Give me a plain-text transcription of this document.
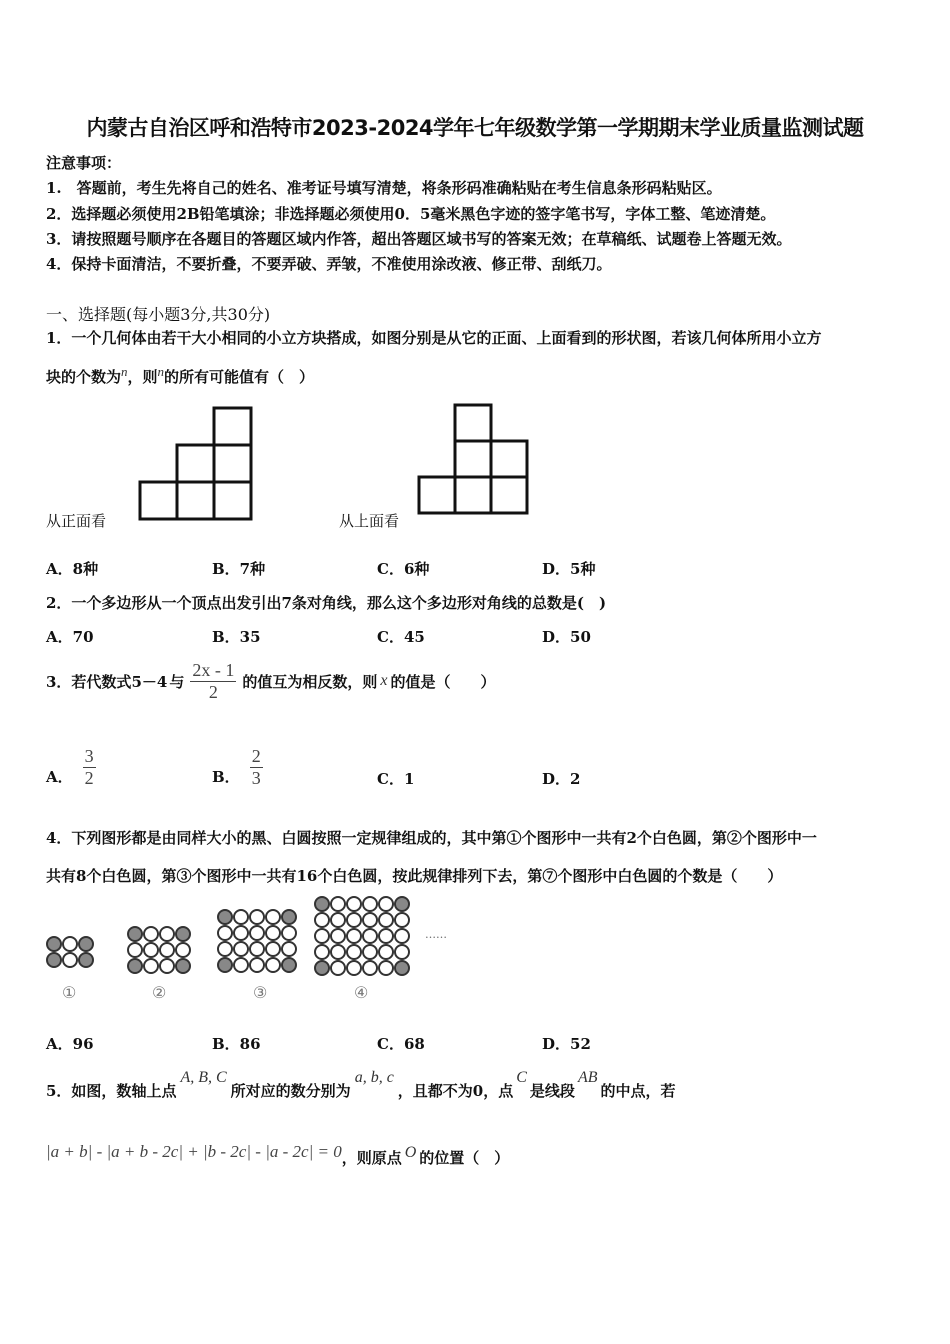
内蒙古自治区呼和浩特市2023-2024学年七年级数学第一学期期末学业质量监测试题
注意事项：
1.　答题前，考生先将自己的姓名、准考证号填写清楚，将条形码准确粘贴在考生信息条形码粘贴区。
2．选择题必须使用2B铅笔填涂；非选择题必须使用0．5毫米黑色字迹的签字笔书写，字体工整、笔迹清楚。
3．请按照题号顺序在各题目的答题区域内作答，超出答题区域书写的答案无效；在草稿纸、试题卷上答题无效。
4．保持卡面清洁，不要折叠，不要弄破、弄皱，不准使用涂改液、修正带、刮纸刀。
一、选择题(每小题3分,共30分)
1．一个几何体由若干大小相同的小立方块搭成，如图分别是从它的正面、上面看到的形状图，若该几何体所用小立方
块的个数为n，则n的所有可能值有（　）
从正面看	从上面看
A．8种	B．7种	C．6种	D．5种
2．一个多边形从一个顶点出发引出7条对角线，那么这个多边形对角线的总数是(　)
A．70	B．35	C．45	D．50
3．若代数式5－4 与 $\frac{2x - 1}{2}$ 的值互为相反数，则 x 的值是（　　）
A． $\frac{3}{2}$	B． $\frac{2}{3}$	C．1	D．2
4．下列图形都是由同样大小的黑、白圆按照一定规律组成的，其中第①个图形中一共有2个白色圆，第②个图形中一
共有8个白色圆，第③个图形中一共有16个白色圆，按此规律排列下去，第⑦个图形中白色圆的个数是（　　）
①	②	③	④
……
A．96	B．86	C．68	D．52
5．如图，数轴上点A, B, C所对应的数分别为a, b, c，且都不为0，点C是线段AB的中点，若
|a + b| - |a + b - 2c| + |b - 2c| - |a - 2c| = 0，则原点 O 的位置（　）
